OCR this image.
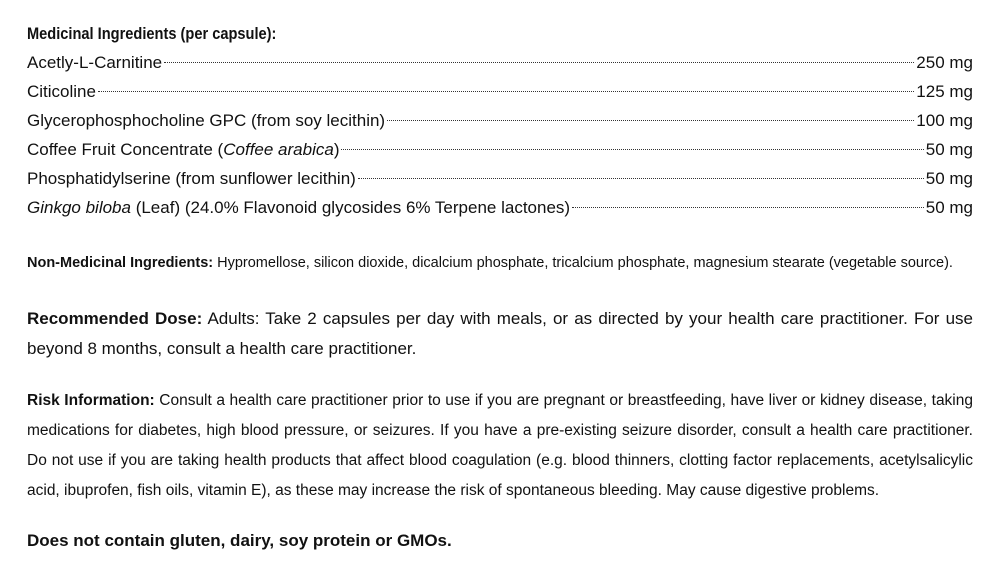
Medicinal Ingredients (per capsule):
Acetly-L-Carnitine	250 mg
Citicoline	125 mg
Glycerophosphocholine GPC (from soy lecithin)	100 mg
Coffee Fruit Concentrate (Coffee arabica)	50 mg
Phosphatidylserine (from sunflower lecithin)	50 mg
Ginkgo biloba (Leaf) (24.0% Flavonoid glycosides 6% Terpene lactones)	50 mg
Non-Medicinal Ingredients: Hypromellose, silicon dioxide, dicalcium phosphate, tricalcium phosphate, magnesium stearate (vegetable source).
Recommended Dose: Adults: Take 2 capsules per day with meals, or as directed by your health care practitioner. For use beyond 8 months, consult a health care practitioner.
Risk Information: Consult a health care practitioner prior to use if you are pregnant or breastfeeding, have liver or kidney disease, taking medications for diabetes, high blood pressure, or seizures. If you have a pre-existing seizure disorder, consult a health care practitioner. Do not use if you are taking health products that affect blood coagulation (e.g. blood thinners, clotting factor replacements, acetylsalicylic acid, ibuprofen, fish oils, vitamin E), as these may increase the risk of spontaneous bleeding. May cause digestive problems.
Does not contain gluten, dairy, soy protein or GMOs.
